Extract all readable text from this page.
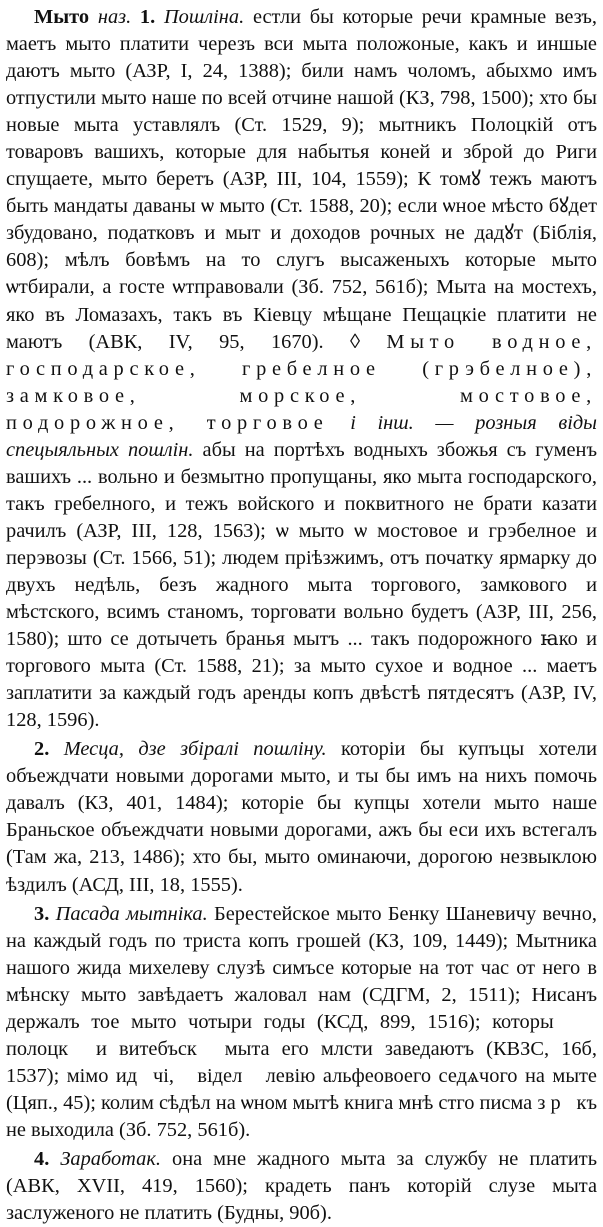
Мыто наз. 1. Пошліна. естли бы которые речи крамные везъ, маетъ мыто платити черезъ вси мыта положоные, какъ и иншые даютъ мыто (АЗР, I, 24, 1388); били намъ чоломъ, абыхмо имъ отпустили мыто наше по всей отчине нашой (КЗ, 798, 1500); хто бы новые мыта уставлялъ (Ст. 1529, 9); мытникъ Полоцкій отъ товаровъ вашихъ, которые для набытья коней и зброй до Риги спущаете, мыто беретъ (АЗР, III, 104, 1559); К томꙋ тежъ маютъ быть мандаты даваны ѡ мыто (Ст. 1588, 20); если ѡное мѣсто бꙋдет збудовано, податковъ и мыт и доходов рочных не дадꙋт (Біблія, 608); мѣлъ бовѣмъ на то слугъ высаженыхъ которые мыто ѡтбирали, а госте ѡтправовали (Зб. 752, 561б); Мыта на мостехъ, яко въ Ломазахъ, такъ въ Кіевцу мѣщане Пещацкіе платити не маютъ (АВК, IV, 95, 1670). ◊ Мыто водное, господарское, гребелное (грэбелное), замковое, морское, мостовое, подорожное, торговое і інш. — розныя віды спецыяльных пошлін. абы на портѣхъ водныхъ збожья съ гуменъ вашихъ ... вольно и безмытно пропущаны, яко мыта господарского, такъ гребелного, и тежъ войского и поквитного не брати казати рачилъ (АЗР, III, 128, 1563); ѡ мыто ѡ мостовое и грэбелное и перэвозы (Ст. 1566, 51); людем пріѣзжимъ, отъ початку ярмарку до двухъ недѣль, безъ жадного мыта торгового, замкового и мѣстского, всимъ станомъ, торговати вольно будетъ (АЗР, III, 256, 1580); што се дотычеть бранья мытъ ... такъ подорожного ꙗко и торгового мыта (Ст. 1588, 21); за мыто сухое и водное ... маетъ заплатити за каждый годъ аренды копъ двѣстѣ пятдесятъ (АЗР, IV, 128, 1596).

2. Месца, дзе збіралі пошліну. которіи бы купъцы хотели объеждчати новыми дорогами мыто, и ты бы имъ на нихъ помочь давалъ (КЗ, 401, 1484); которіе бы купцы хотели мыто наше Браньское объеждчати новыми дорогами, ажъ бы еси ихъ встегалъ (Там жа, 213, 1486); хто бы, мыто оминаючи, дорогою незвыклою ѣздилъ (АСД, III, 18, 1555).

3. Пасада мытніка. Берестейское мыто Бенку Шаневичу вечно, на каждый годъ по триста копъ грошей (КЗ, 109, 1449); Мытника нашого жида михелеву слузѣ симъсе которые на тот час от него в мѣнску мыто завѣдаетъ жаловал нам (СДГМ, 2, 1511); Нисанъ держалъ тое мыто чотыри годы (КСД, 899, 1516); которыⷭ ꙋ полоцкꙋ и витебъскꙋ мыта его млсти заведаютъ (КВЗС, 16б, 1537); мімо идꙋчі, ꙋвіделⷭ левію альфеовоего седѧчого на мыте (Цяп., 45); колим сѣдѣл на ѡном мытѣ книга мнѣ стго писма з рꙋкъ не выходила (Зб. 752, 561б).

4. Заработак. она мне жадного мыта за службу не платить (АВК, XVII, 419, 1560); крадеть панъ которій слузе мыта заслуженого не платить (Будны, 90б).
